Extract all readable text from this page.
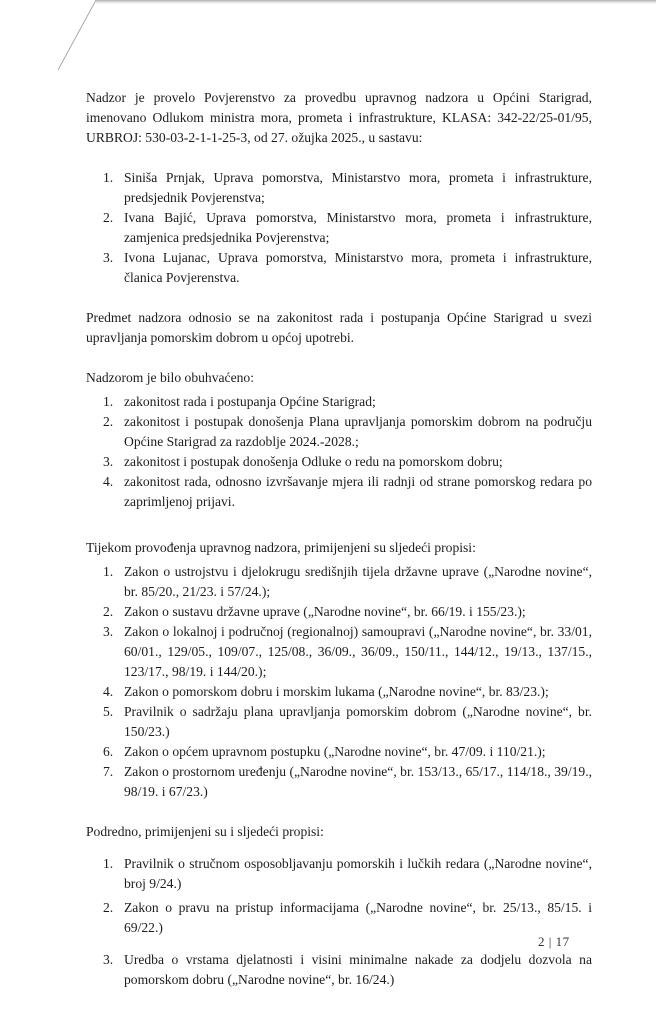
Nadzor je provelo Povjerenstvo za provedbu upravnog nadzora u Općini Starigrad, imenovano Odlukom ministra mora, prometa i infrastrukture, KLASA: 342-22/25-01/95, URBROJ: 530-03-2-1-1-25-3, od 27. ožujka 2025., u sastavu:

1. Siniša Prnjak, Uprava pomorstva, Ministarstvo mora, prometa i infrastrukture, predsjednik Povjerenstva;
2. Ivana Bajić, Uprava pomorstva, Ministarstvo mora, prometa i infrastrukture, zamjenica predsjednika Povjerenstva;
3. Ivona Lujanac, Uprava pomorstva, Ministarstvo mora, prometa i infrastrukture, članica Povjerenstva.

Predmet nadzora odnosio se na zakonitost rada i postupanja Općine Starigrad u svezi upravljanja pomorskim dobrom u općoj upotrebi.

Nadzorom je bilo obuhvaćeno:

1. zakonitost rada i postupanja Općine Starigrad;
2. zakonitost i postupak donošenja Plana upravljanja pomorskim dobrom na području Općine Starigrad za razdoblje 2024.-2028.;
3. zakonitost i postupak donošenja Odluke o redu na pomorskom dobru;
4. zakonitost rada, odnosno izvršavanje mjera ili radnji od strane pomorskog redara po zaprimljenoj prijavi.

Tijekom provođenja upravnog nadzora, primijenjeni su sljedeći propisi:

1. Zakon o ustrojstvu i djelokrugu središnjih tijela državne uprave („Narodne novine“, br. 85/20., 21/23. i 57/24.);
2. Zakon o sustavu državne uprave („Narodne novine“, br. 66/19. i 155/23.);
3. Zakon o lokalnoj i područnoj (regionalnoj) samoupravi („Narodne novine“, br. 33/01, 60/01., 129/05., 109/07., 125/08., 36/09., 36/09., 150/11., 144/12., 19/13., 137/15., 123/17., 98/19. i 144/20.);
4. Zakon o pomorskom dobru i morskim lukama („Narodne novine“, br. 83/23.);
5. Pravilnik o sadržaju plana upravljanja pomorskim dobrom („Narodne novine“, br. 150/23.)
6. Zakon o općem upravnom postupku („Narodne novine“, br. 47/09. i 110/21.);
7. Zakon o prostornom uređenju („Narodne novine“, br. 153/13., 65/17., 114/18., 39/19., 98/19. i 67/23.)

Podredno, primijenjeni su i sljedeći propisi:

1. Pravilnik o stručnom osposobljavanju pomorskih i lučkih redara („Narodne novine“, broj 9/24.)
2. Zakon o pravu na pristup informacijama („Narodne novine“, br. 25/13., 85/15. i 69/22.)
3. Uredba o vrstama djelatnosti i visini minimalne nakade za dodjelu dozvola na pomorskom dobru („Narodne novine“, br. 16/24.)
2 | 17
